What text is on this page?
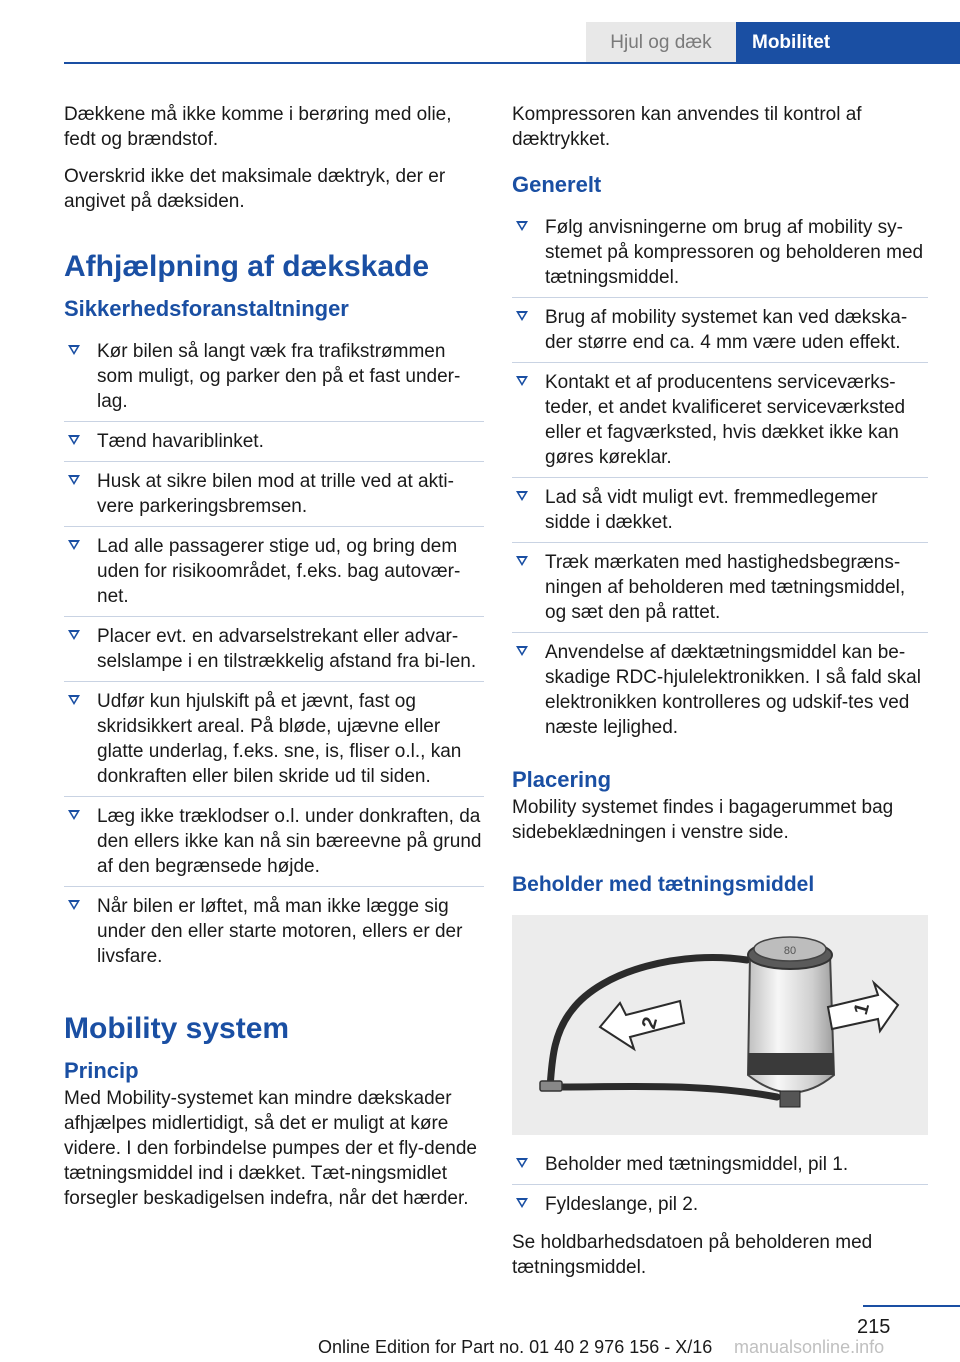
Hjul og dæk	Mobilitet

Dækkene må ikke komme i berøring med olie, fedt og brændstof.

Overskrid ikke det maksimale dæktryk, der er angivet på dæksiden.

Afhjælpning af dækskade
Sikkerhedsforanstaltninger
Kør bilen så langt væk fra trafikstrømmen som muligt, og parker den på et fast under-lag.
Tænd havariblinket.
Husk at sikre bilen mod at trille ved at akti-vere parkeringsbremsen.
Lad alle passagerer stige ud, og bring dem uden for risikoområdet, f.eks. bag autovær-net.
Placer evt. en advarselstrekant eller advar-selslampe i en tilstrækkelig afstand fra bi-len.
Udfør kun hjulskift på et jævnt, fast og skridsikkert areal. På bløde, ujævne eller glatte underlag, f.eks. sne, is, fliser o.l., kan donkraften eller bilen skride ud til siden.
Læg ikke træklodser o.l. under donkraften, da den ellers ikke kan nå sin bæreevne på grund af den begrænsede højde.
Når bilen er løftet, må man ikke lægge sig under den eller starte motoren, ellers er der livsfare.
Mobility system
Princip

Med Mobility-systemet kan mindre dækskader afhjælpes midlertidigt, så det er muligt at køre videre. I den forbindelse pumpes der et fly-dende tætningsmiddel ind i dækket. Tæt-ningsmidlet forsegler beskadigelsen indefra, når det hærder.

Kompressoren kan anvendes til kontrol af dæktrykket.

Generelt
Følg anvisningerne om brug af mobility sy-stemet på kompressoren og beholderen med tætningsmiddel.
Brug af mobility systemet kan ved dækska-der større end ca. 4 mm være uden effekt.
Kontakt et af producentens serviceværks-teder, et andet kvalificeret serviceværksted eller et fagværksted, hvis dækket ikke kan gøres køreklar.
Lad så vidt muligt evt. fremmedlegemer sidde i dækket.
Træk mærkaten med hastighedsbegræns-ningen af beholderen med tætningsmiddel, og sæt den på rattet.
Anvendelse af dæktætningsmiddel kan be-skadige RDC-hjulelektronikken. I så fald skal elektronikken kontrolleres og udskif-tes ved næste lejlighed.
Placering

Mobility systemet findes i bagagerummet bag sidebeklædningen i venstre side.

Beholder med tætningsmiddel
80
2
1
Beholder med tætningsmiddel, pil 1.
Fyldeslange, pil 2.

Se holdbarhedsdatoen på beholderen med tætningsmiddel.

215
Online Edition for Part no. 01 40 2 976 156 - X/16 manualsonline.info
